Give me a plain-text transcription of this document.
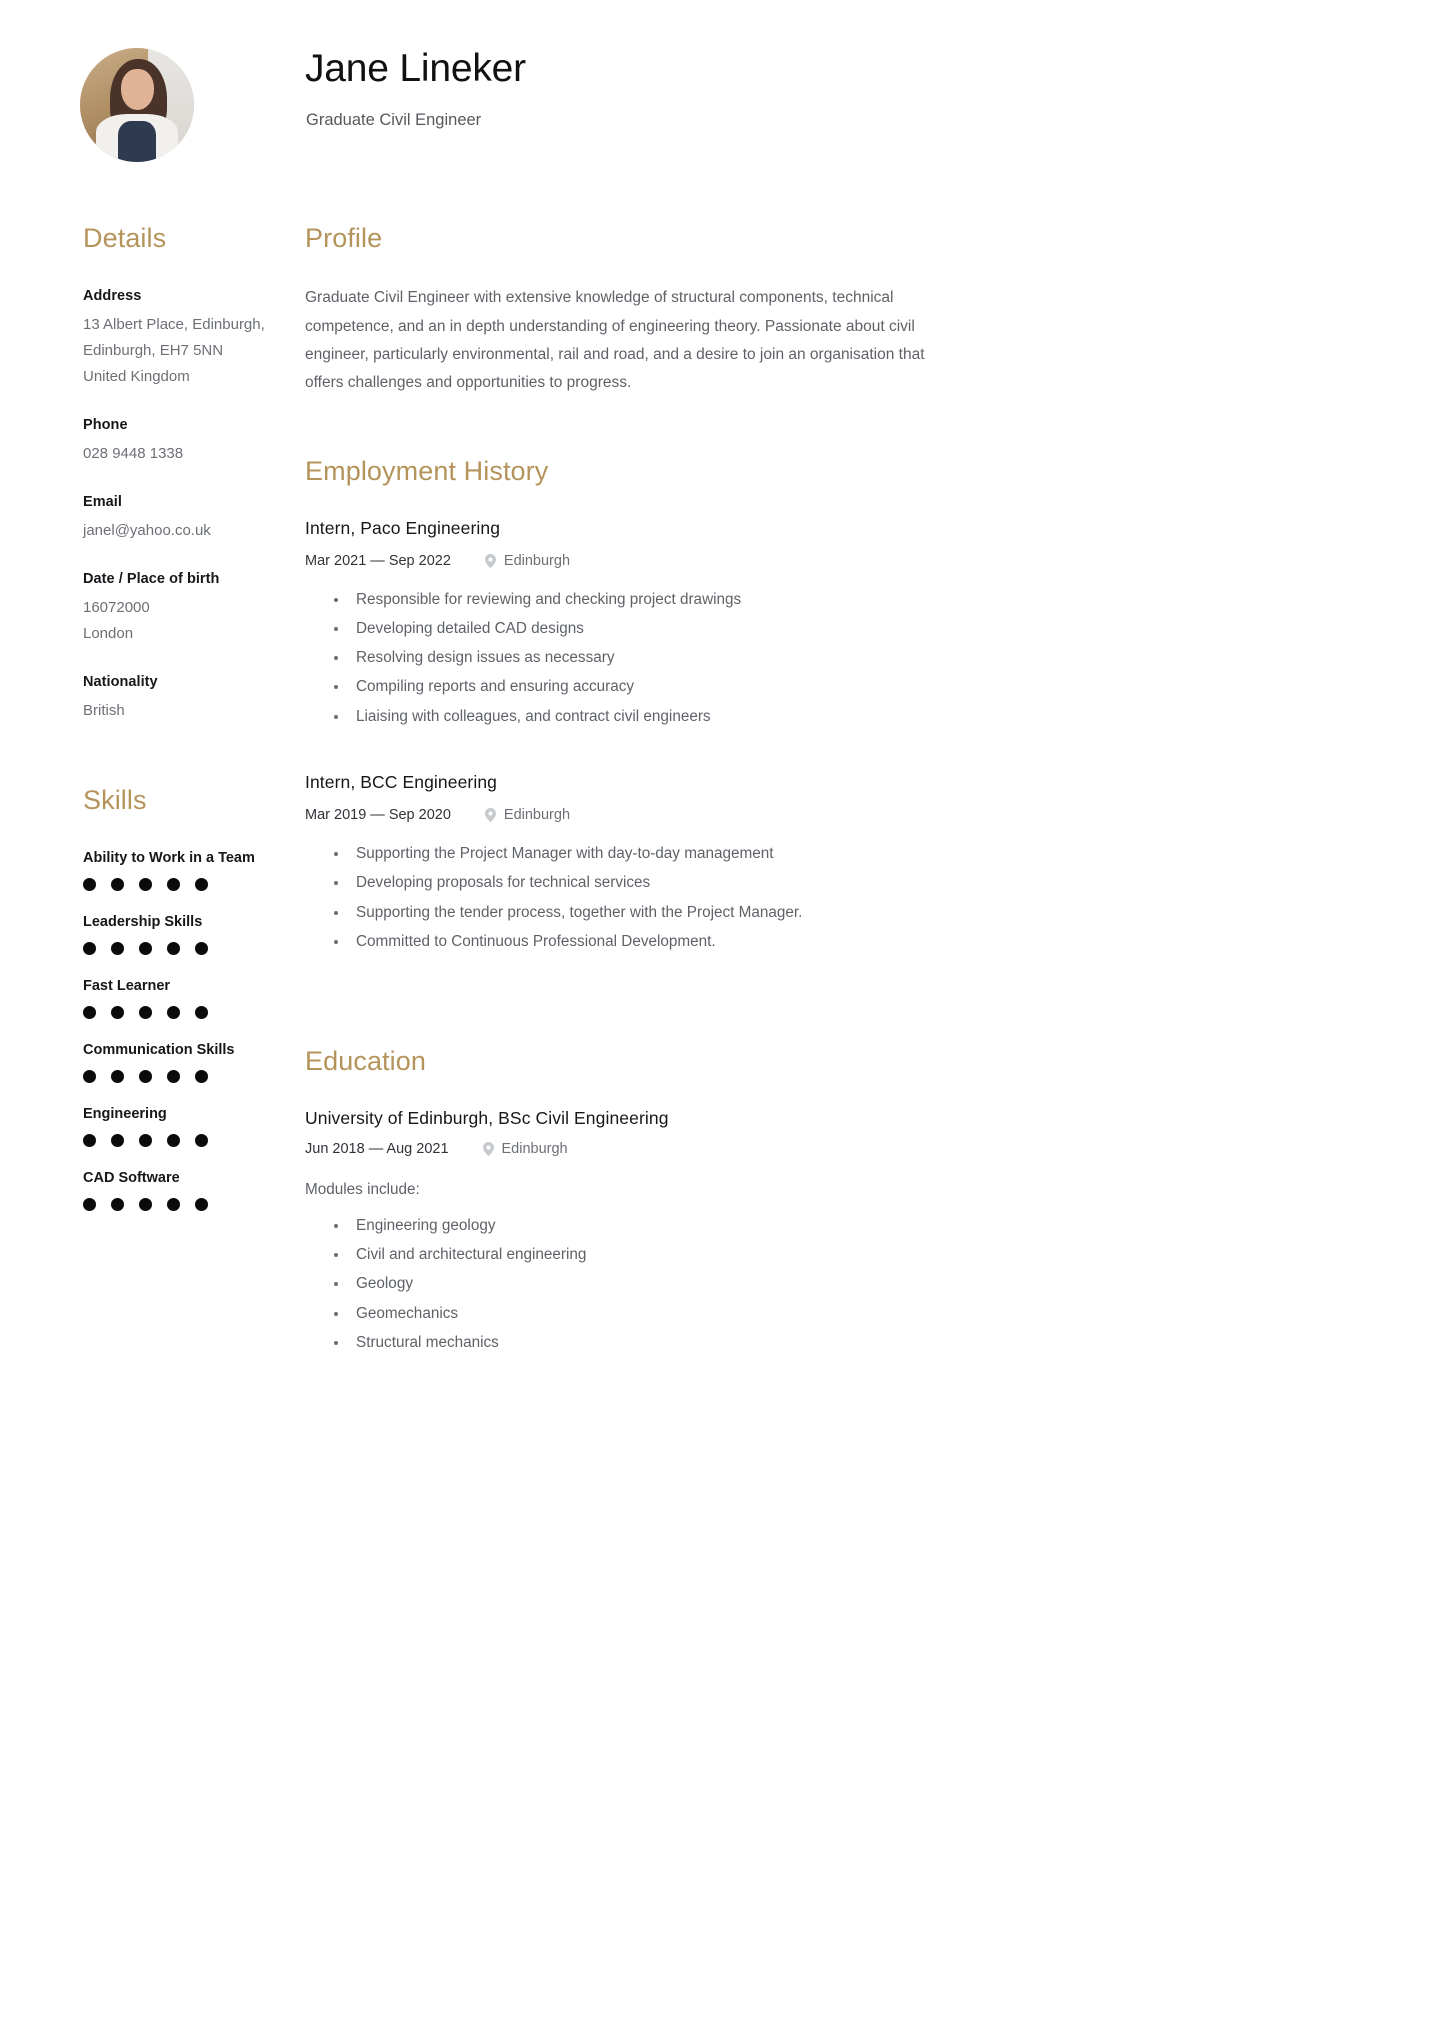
Jane Lineker
Graduate Civil Engineer
Details
Address
13 Albert Place, Edinburgh,
Edinburgh, EH7 5NN
United Kingdom
Phone
028 9448 1338
Email
janel@yahoo.co.uk
Date / Place of birth
16072000
London
Nationality
British
Skills
Ability to Work in a Team
Leadership Skills
Fast Learner
Communication Skills
Engineering
CAD Software
Profile
Graduate Civil Engineer with extensive knowledge of structural components, technical competence, and an in depth understanding of engineering theory. Passionate about civil engineer, particularly environmental, rail and road, and a desire to join an organisation that offers challenges and opportunities to progress.
Employment History
Intern, Paco Engineering
Mar 2021 — Sep 2022	Edinburgh
• Responsible for reviewing and checking project drawings
• Developing detailed CAD designs
• Resolving design issues as necessary
• Compiling reports and ensuring accuracy
• Liaising with colleagues, and contract civil engineers
Intern, BCC Engineering
Mar 2019 — Sep 2020	Edinburgh
• Supporting the Project Manager with day-to-day management
• Developing proposals for technical services
• Supporting the tender process, together with the Project Manager.
• Committed to Continuous Professional Development.
Education
University of Edinburgh, BSc Civil Engineering
Jun 2018 — Aug 2021	Edinburgh
Modules include:
• Engineering geology
• Civil and architectural engineering
• Geology
• Geomechanics
• Structural mechanics
